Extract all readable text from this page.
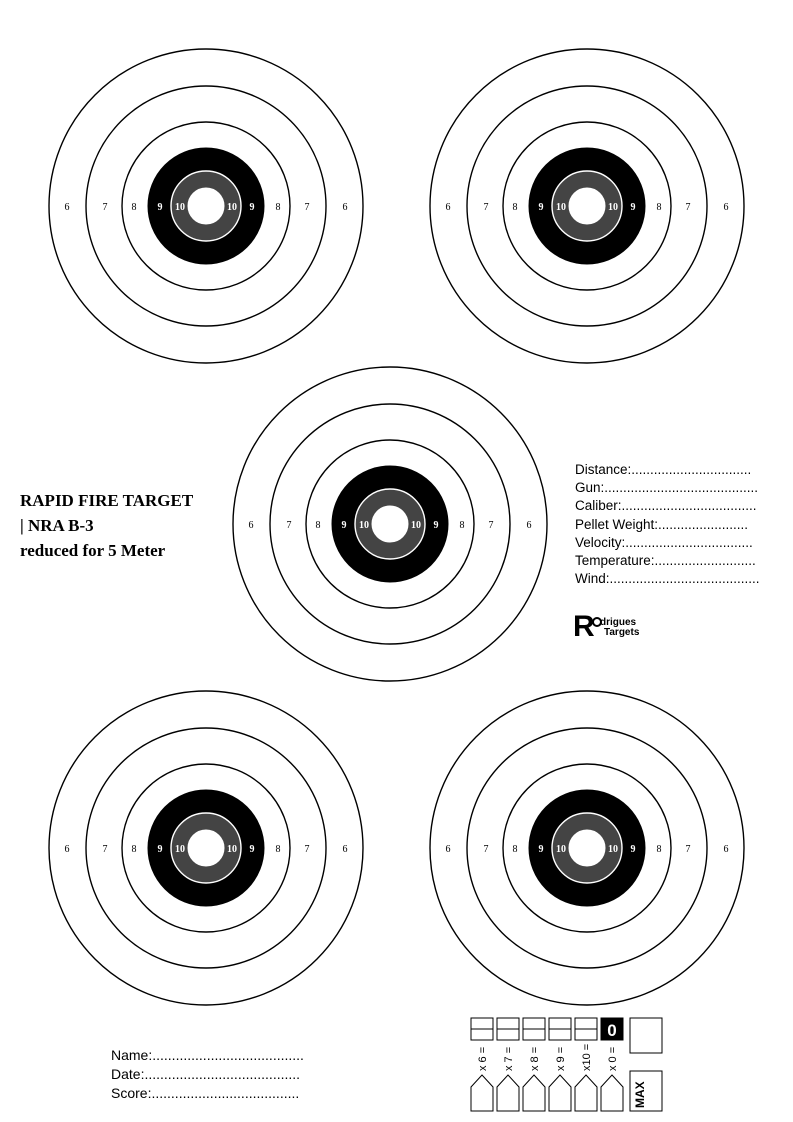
6	6
7	7
8	8
9	9
10	10	6	6
7	7
8	8
9	9
10	10
6	6
7	7
8	8
9	9
10	10
6	6
7	7
8	8
9	9
10	10	6	6
7	7
8	8
9	9
10	10
RAPID FIRE TARGET
| NRA B-3
reduced for 5 Meter
Distance:................................
Gun:.........................................
Caliber:....................................
Pellet Weight:........................
Velocity:..................................
Temperature:...........................
Wind:........................................
R drigues
Targets
Name:.......................................
Date:........................................
Score:......................................
x 6 = x 7 = x 8 = x 9 = x10 =
0
x 0 =
MAX
